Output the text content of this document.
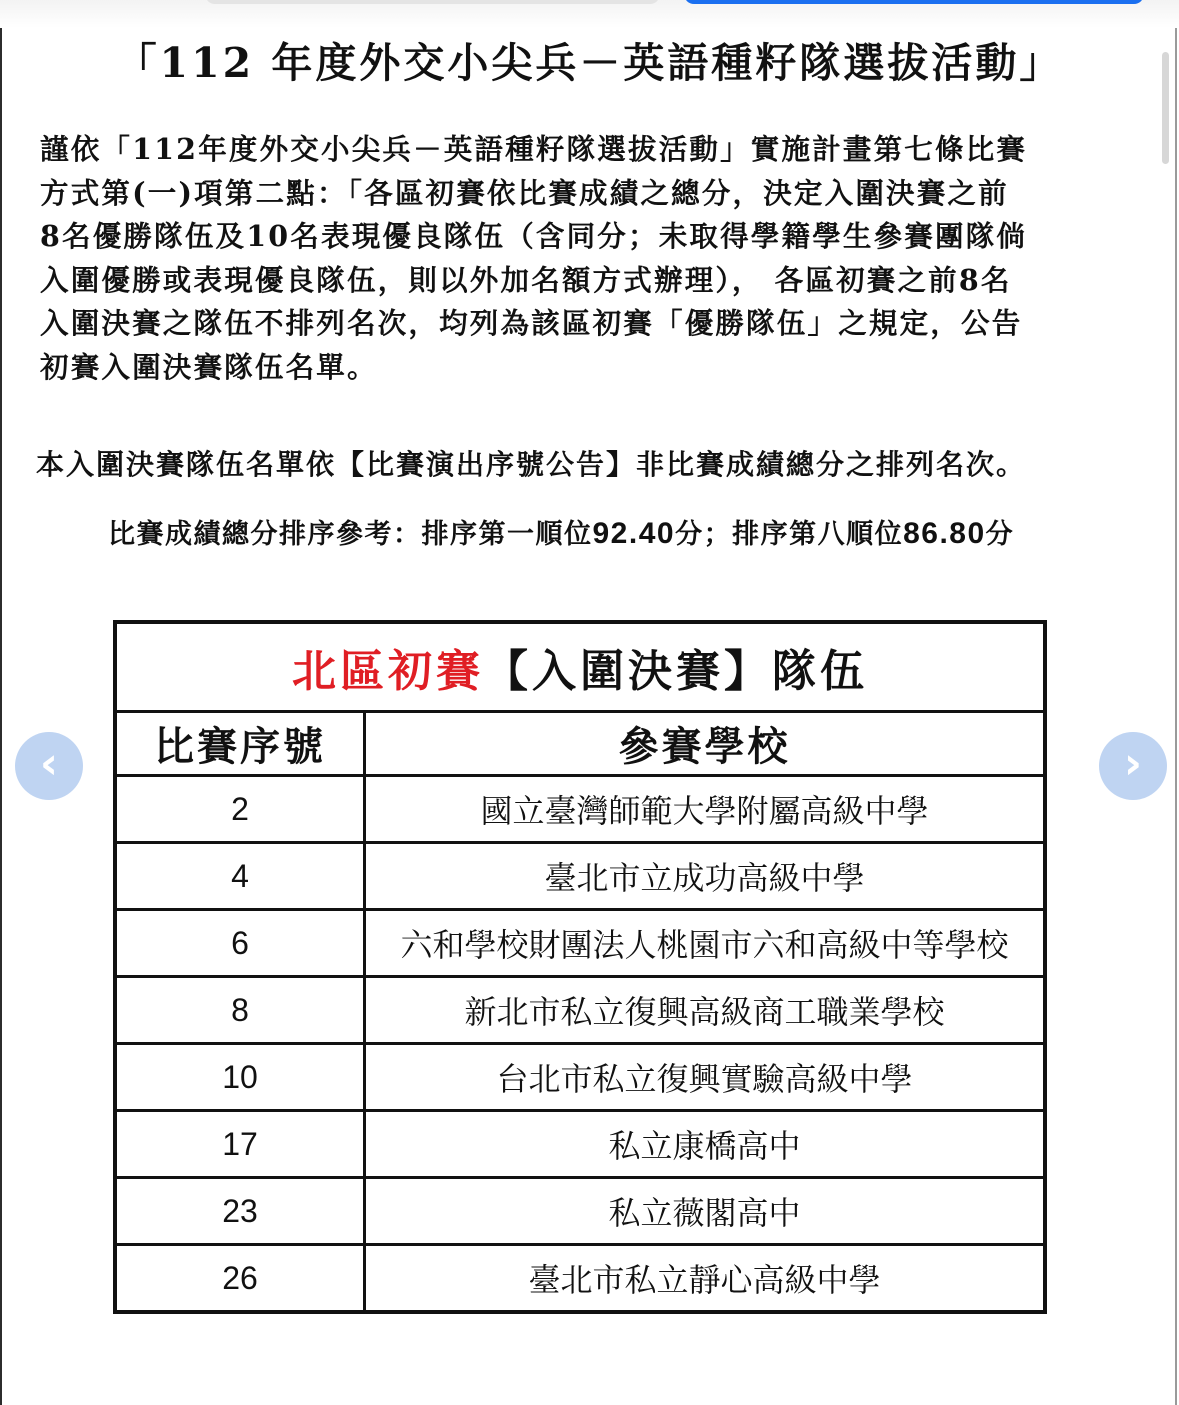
「112 年度外交小尖兵－英語種籽隊選拔活動」
謹依「112年度外交小尖兵－英語種籽隊選拔活動」實施計畫第七條比賽
方式第(一)項第二點：「各區初賽依比賽成績之總分，決定入圍決賽之前
8名優勝隊伍及10名表現優良隊伍（含同分；未取得學籍學生參賽團隊倘
入圍優勝或表現優良隊伍，則以外加名額方式辦理）， 各區初賽之前8名
入圍決賽之隊伍不排列名次，均列為該區初賽「優勝隊伍」之規定，公告
初賽入圍決賽隊伍名單。
本入圍決賽隊伍名單依【比賽演出序號公告】非比賽成績總分之排列名次。
比賽成績總分排序參考：排序第一順位92.40分；排序第八順位86.80分
北區初賽【入圍決賽】隊伍	
比賽序號	參賽學校
2	國立臺灣師範大學附屬高級中學
4	臺北市立成功高級中學
6	六和學校財團法人桃園市六和高級中等學校
8	新北市私立復興高級商工職業學校
10	台北市私立復興實驗高級中學
17	私立康橋高中
23	私立薇閣高中
26	臺北市私立靜心高級中學
‹	›
